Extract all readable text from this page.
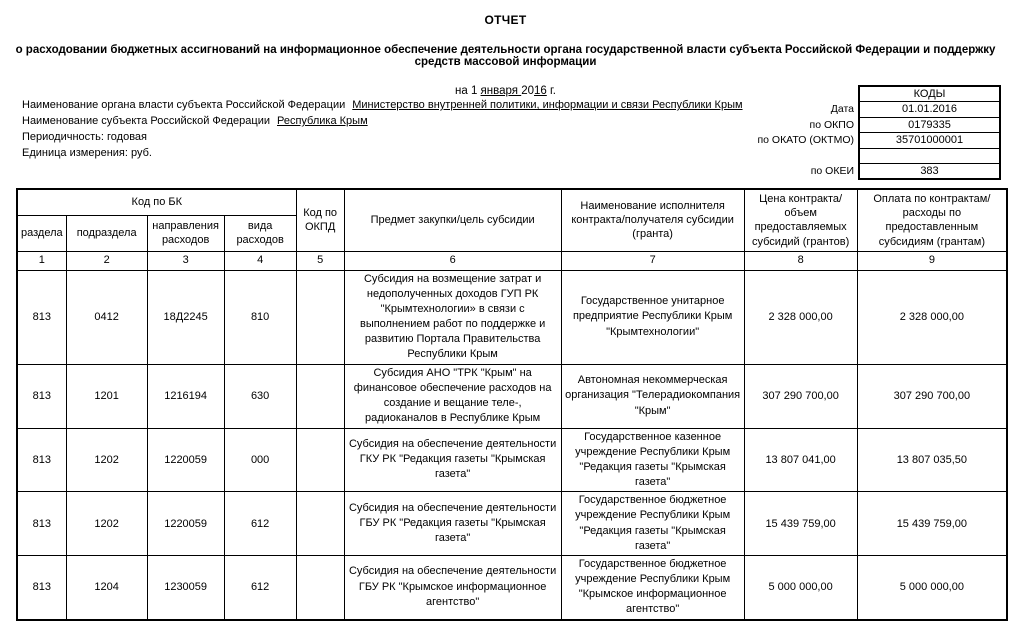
ОТЧЕТ
о расходовании бюджетных ассигнований на информационное обеспечение деятельности органа государственной власти субъекта Российской Федерации и поддержку средств массовой информации
на 1 января 2016 г.
Наименование органа власти субъекта Российской Федерации Министерство внутренней политики, информации и связи Республики Крым
Наименование субъекта Российской Федерации Республика Крым
Периодичность: годовая
Единица измерения: руб.
	КОДЫ
Дата	01.01.2016
по ОКПО	0179335
по ОКАТО (ОКТМО)	35701000001

по ОКЕИ	383
Код по БК				Код по ОКПД	Предмет закупки/цель субсидии	Наименование исполнителя контракта/получателя субсидии (гранта)	Цена контракта/объем предоставляемых субсидий (грантов)	Оплата по контрактам/расходы по предоставленным субсидиям (грантам)
раздела	подраздела	направления расходов	вида расходов					
1	2	3	4	5	6	7	8	9
813	0412	18Д2245	810		Субсидия на возмещение затрат и недополученных доходов ГУП РК "Крымтехнологии» в связи с выполнением работ по поддержке и развитию Портала Правительства Республики Крым	Государственное унитарное предприятие Республики Крым "Крымтехнологии"	2 328 000,00	2 328 000,00
813	1201	1216194	630		Субсидия АНО "ТРК "Крым" на финансовое обеспечение расходов на создание и вещание теле-, радиоканалов в Республике Крым	Автономная некоммерческая организация "Телерадиокомпания "Крым"	307 290 700,00	307 290 700,00
813	1202	1220059	000		Субсидия на обеспечение деятельности ГКУ РК "Редакция газеты "Крымская газета"	Государственное казенное учреждение Республики Крым "Редакция газеты "Крымская газета"	13 807 041,00	13 807 035,50
813	1202	1220059	612		Субсидия на обеспечение деятельности ГБУ РК "Редакция газеты "Крымская газета"	Государственное бюджетное учреждение Республики Крым "Редакция газеты "Крымская газета"	15 439 759,00	15 439 759,00
813	1204	1230059	612		Субсидия на обеспечение деятельности ГБУ РК "Крымское информационное агентство"	Государственное бюджетное учреждение Республики Крым "Крымское информационное агентство"	5 000 000,00	5 000 000,00
